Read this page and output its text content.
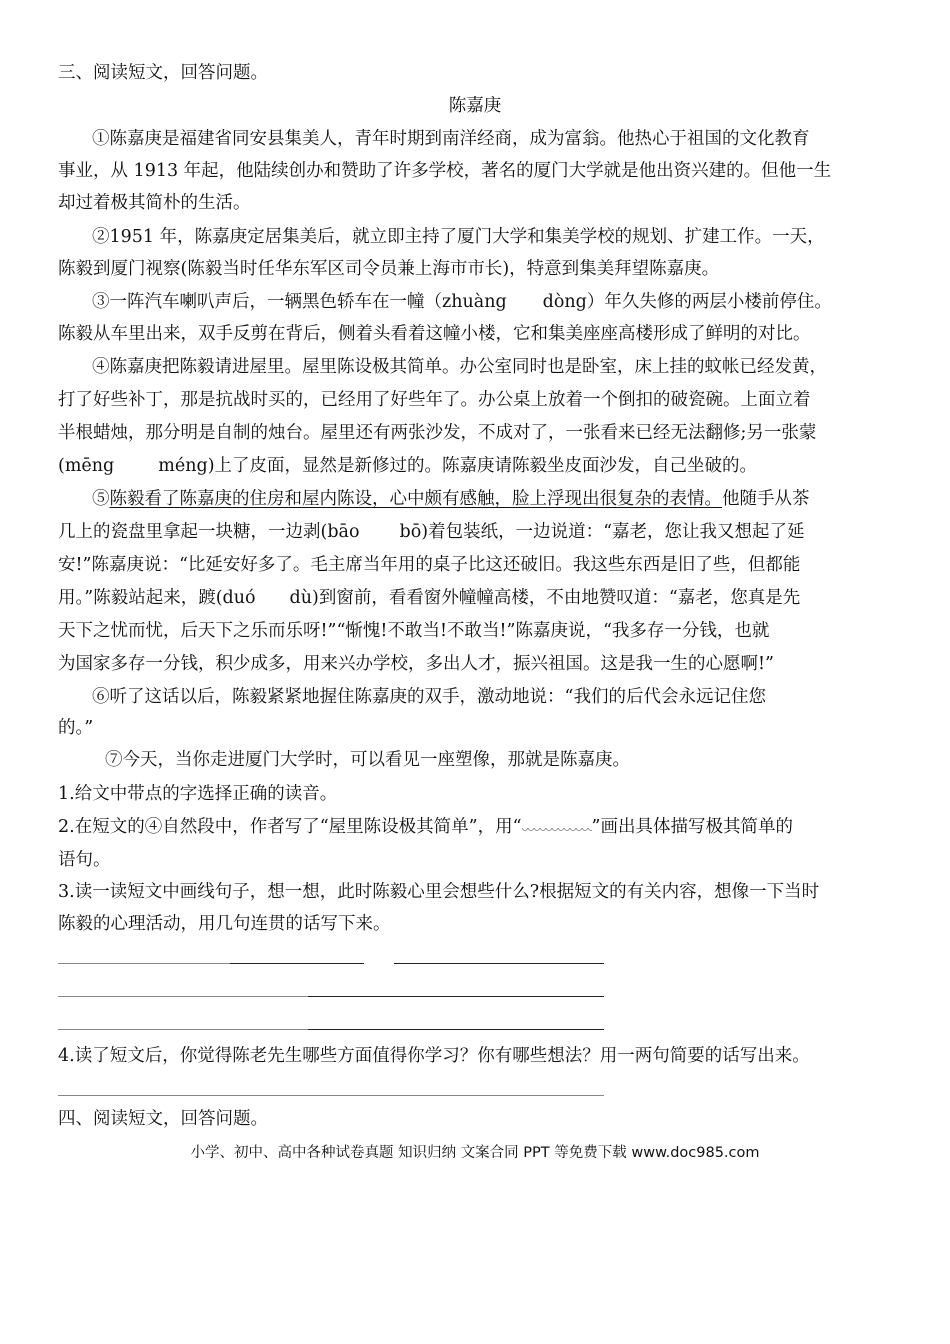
三、阅读短文，回答问题。
陈嘉庚
①陈嘉庚是福建省同安县集美人，青年时期到南洋经商，成为富翁。他热心于祖国的文化教育
事业，从 1913 年起，他陆续创办和赞助了许多学校，著名的厦门大学就是他出资兴建的。但他一生
却过着极其简朴的生活。
②1951 年，陈嘉庚定居集美后，就立即主持了厦门大学和集美学校的规划、扩建工作。一天，
陈毅到厦门视察(陈毅当时任华东军区司令员兼上海市市长)，特意到集美拜望陈嘉庚。
③一阵汽车喇叭声后，一辆黑色轿车在一幢（zhuàng dòng）年久失修的两层小楼前停住。
陈毅从车里出来，双手反剪在背后，侧着头看着这幢小楼，它和集美座座高楼形成了鲜明的对比。
④陈嘉庚把陈毅请进屋里。屋里陈设极其简单。办公室同时也是卧室，床上挂的蚊帐已经发黄，
打了好些补丁，那是抗战时买的，已经用了好些年了。办公桌上放着一个倒扣的破瓷碗。上面立着
半根蜡烛，那分明是自制的烛台。屋里还有两张沙发，不成对了，一张看来已经无法翻修;另一张蒙
(mēng	méng)上了皮面，显然是新修过的。陈嘉庚请陈毅坐皮面沙发，自己坐破的。
⑤陈毅看了陈嘉庚的住房和屋内陈设，心中颇有感触，脸上浮现出很复杂的表情。他随手从茶
几上的瓷盘里拿起一块糖，一边剥(bāo bō)着包装纸，一边说道：“嘉老，您让我又想起了延
安!”陈嘉庚说：“比延安好多了。毛主席当年用的桌子比这还破旧。我这些东西是旧了些，但都能
用。”陈毅站起来，踱(duó dù)到窗前，看看窗外幢幢高楼，不由地赞叹道：“嘉老，您真是先
天下之忧而忧，后天下之乐而乐呀!”“惭愧!不敢当!不敢当!”陈嘉庚说，“我多存一分钱，也就
为国家多存一分钱，积少成多，用来兴办学校，多出人才，振兴祖国。这是我一生的心愿啊!”
⑥听了这话以后，陈毅紧紧地握住陈嘉庚的双手，激动地说：“我们的后代会永远记住您
的。”
⑦今天，当你走进厦门大学时，可以看见一座塑像，那就是陈嘉庚。
1.给文中带点的字选择正确的读音。
2.在短文的④自然段中，作者写了“屋里陈设极其简单”，用“	”画出具体描写极其简单的
语句。
3.读一读短文中画线句子，想一想，此时陈毅心里会想些什么?根据短文的有关内容，想像一下当时
陈毅的心理活动，用几句连贯的话写下来。
4.读了短文后，你觉得陈老先生哪些方面值得你学习？你有哪些想法？用一两句简要的话写出来。
四、阅读短文，回答问题。
小学、初中、高中各种试卷真题 知识归纳 文案合同 PPT 等免费下载 www.doc985.com
